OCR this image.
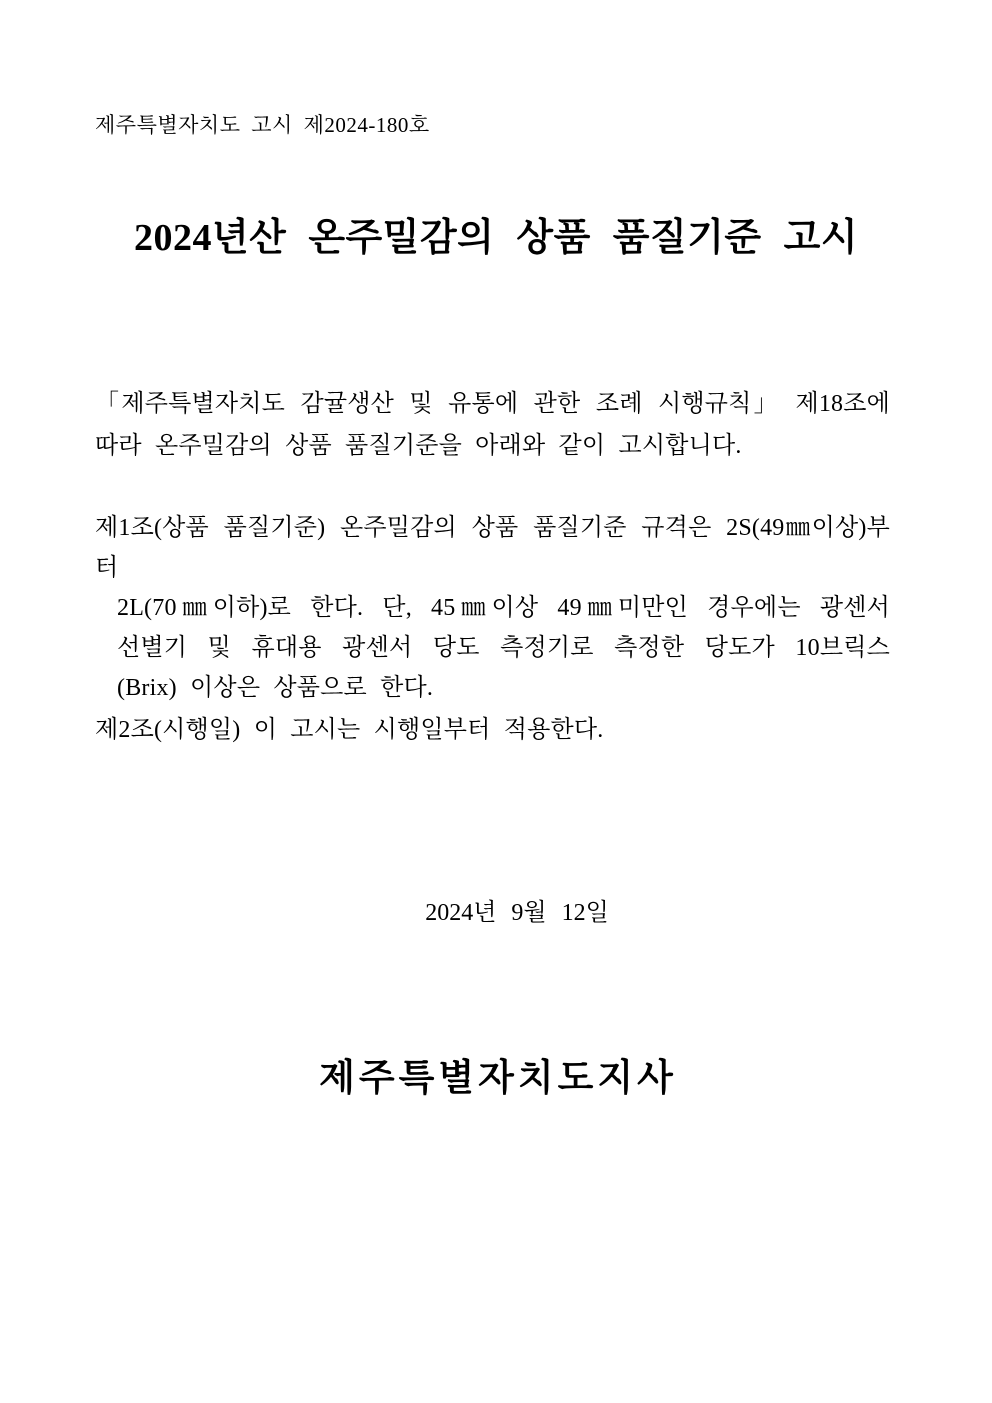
제주특별자치도 고시 제2024-180호
2024년산 온주밀감의 상품 품질기준 고시
「제주특별자치도 감귤생산 및 유통에 관한 조례 시행규칙」 제18조에
따라 온주밀감의 상품 품질기준을 아래와 같이 고시합니다.
제1조(상품 품질기준) 온주밀감의 상품 품질기준 규격은 2S(49㎜이상)부터
2L(70㎜이하)로 한다. 단, 45㎜이상 49㎜미만인 경우에는 광센서
선별기 및 휴대용 광센서 당도 측정기로 측정한 당도가 10브릭스
(Brix) 이상은 상품으로 한다.
제2조(시행일) 이 고시는 시행일부터 적용한다.
2024년 9월 12일
제주특별자치도지사
